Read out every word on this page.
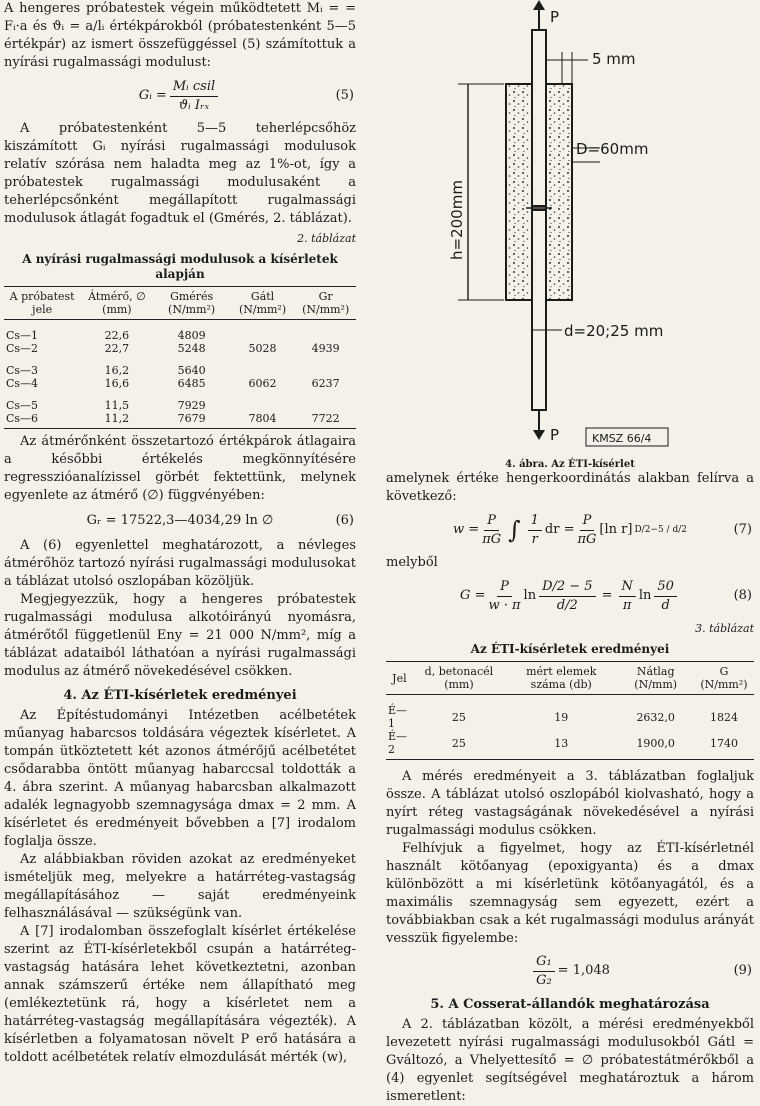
A hengeres próbatestek végein működtetett Mᵢ = = Fᵢ·a és ϑᵢ = a/lᵢ értékpárokból (próbatestenként 5—5 értékpár) az ismert összefüggéssel (5) számítottuk a nyírási rugalmassági modulust:

Gᵢ = $\frac{\text{Mᵢ csil}}{\text{ϑᵢ Iᵣₓ}}$	(5)

A próbatestenként 5—5 teherlépcsőhöz kiszámított Gᵢ nyírási rugalmassági modulusok relatív szórása nem haladta meg az 1%-ot, így a próbatestek rugalmassági modulusaként a teherlépcsőnként megállapított rugalmassági modulusok átlagát fogadtuk el (Gmérés, 2. táblázat).

2. táblázat
A nyírási rugalmassági modulusok a kísérletek alapján
A próbatest jele	Átmérő, ∅ (mm)	Gmérés (N/mm²)	Gátl (N/mm²)	Gr (N/mm²)
Cs—1	22,6	4809		
Cs—2	22,7	5248	5028	4939
Cs—3	16,2	5640		
Cs—4	16,6	6485	6062	6237
Cs—5	11,5	7929		
Cs—6	11,2	7679	7804	7722

Az átmérőnként összetartozó értékpárok átlagaira a későbbi értékelés megkönnyítésére regresszióanalízissel görbét fektettünk, melynek egyenlete az átmérő (∅) függvényében:

Gᵣ = 17522,3—4034,29 ln ∅	(6)

A (6) egyenlettel meghatározott, a névleges átmérőhöz tartozó nyírási rugalmassági modulusokat a táblázat utolsó oszlopában közöljük.

Megjegyezzük, hogy a hengeres próbatestek rugalmassági modulusa alkotóirányú nyomásra, átmérőtől függetlenül Eny = 21 000 N/mm², míg a táblázat adataiból láthatóan a nyírási rugalmassági modulus az átmérő növekedésével csökken.

4. Az ÉTI-kísérletek eredményei

Az Építéstudományi Intézetben acélbetétek műanyag habarcsos toldására végeztek kísérletet. A tompán ütköztetett két azonos átmérőjű acélbetétet csődarabba öntött műanyag habarccsal toldották a 4. ábra szerint. A műanyag habarcsban alkalmazott adalék legnagyobb szemnagysága dmax = 2 mm. A kísérletet és eredményeit bővebben a [7] irodalom foglalja össze.

Az alábbiakban röviden azokat az eredményeket ismételjük meg, melyekre a határréteg-vastagság megállapításához — saját eredményeink felhasználásával — szükségünk van.

A [7] irodalomban összefoglalt kísérlet értékelése szerint az ÉTI-kísérletekből csupán a határréteg-vastagság hatására lehet következtetni, azonban annak számszerű értéke nem állapítható meg (emlékeztetünk rá, hogy a kísérletet nem a határréteg-vastagság megállapítására végezték). A kísérletben a folyamatosan növelt P erő hatására a toldott acélbetétek relatív elmozdulását mérték (w),

P
P
5 mm
D=60mm
h=200mm
d=20;25 mm
KMSZ 66/4
4. ábra. Az ÉTI-kísérlet

amelynek értéke hengerkoordinátás alakban felírva a következő:

$w = \frac{P}{\pi G}$ ∫ $\frac{1}{r}$ dr = $\frac{P}{\pi G} [\ln$ r] D/2−5 / d/2	(7)

melyből

$G = \frac{P}{w \cdot \pi}$ $\ln \frac{D/2 - 5}{d/2} = \frac{N}{\pi}$ $\ln \frac{50}{d}$	(8)
3. táblázat
Az ÉTI-kísérletek eredményei
Jel	d, betonacél (mm)	mért elemek száma (db)	Nátlag (N/mm)	G (N/mm²)
É—1	25	19	2632,0	1824
É—2	25	13	1900,0	1740

A mérés eredményeit a 3. táblázatban foglaljuk össze. A táblázat utolsó oszlopából kiolvasható, hogy a nyírt réteg vastagságának növekedésével a nyírási rugalmassági modulus csökken.

Felhívjuk a figyelmet, hogy az ÉTI-kísérletnél használt kötőanyag (epoxigyanta) és a dmax különbözött a mi kísérletünk kötőanyagától, és a maximális szemnagyság sem egyezett, ezért a továbbiakban csak a két rugalmassági modulus arányát vesszük figyelembe:

$\frac{\text{G₁}}{\text{G₂}} = 1,048$	(9)
5. A Cosserat-állandók meghatározása

A 2. táblázatban közölt, a mérési eredményekből levezetett nyírási rugalmassági modulusokból Gátl = Gváltozó, a Vhelyettesítő = ∅ próbatestátmérőkből a (4) egyenlet segítségével meghatároztuk a három ismeretlent:
